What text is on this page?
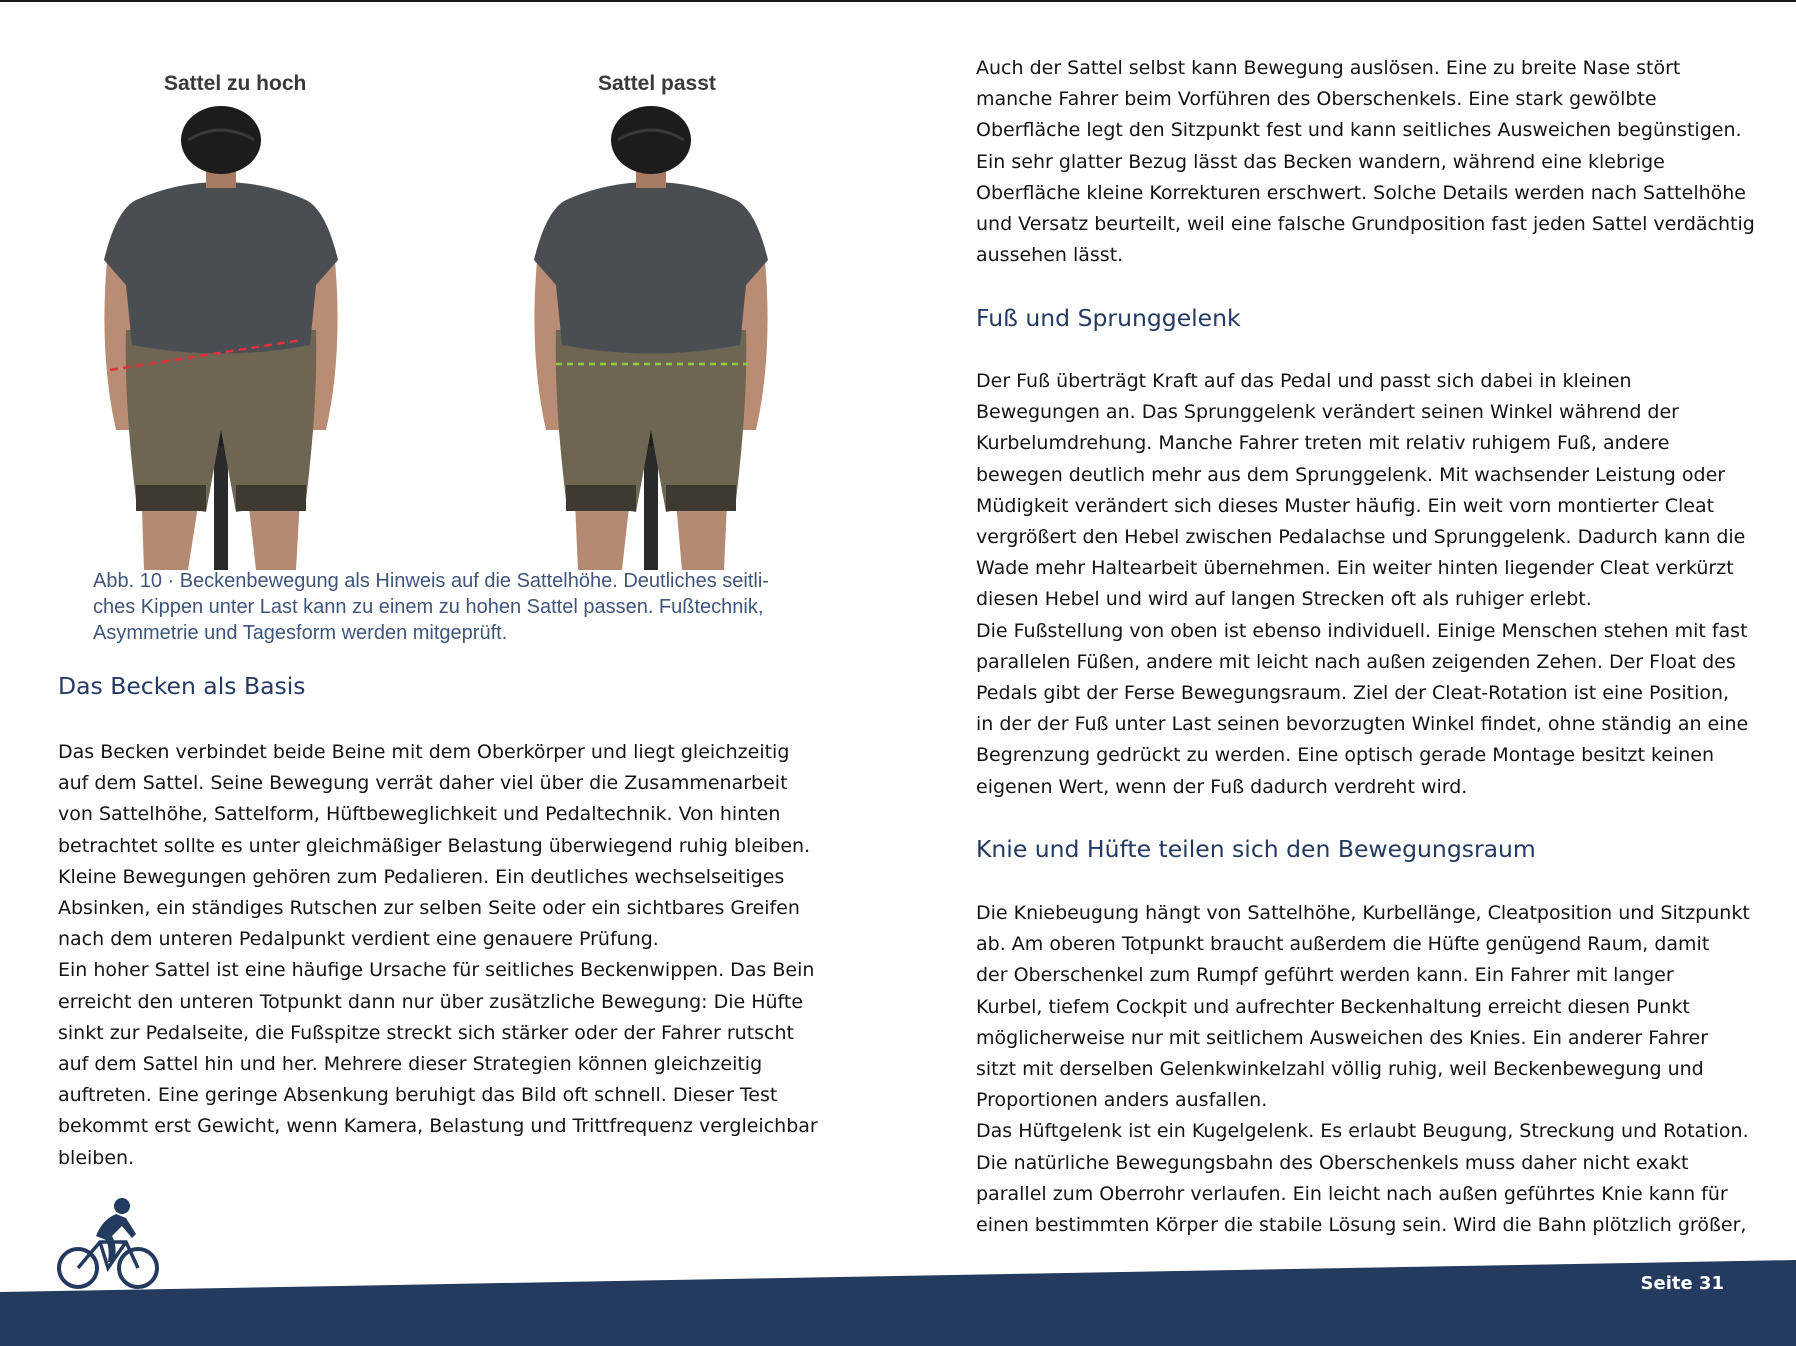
Sattel zu hoch	Sattel passt
Abb. 10 · Beckenbewegung als Hinweis auf die Sattelhöhe. Deutliches seitli-
ches Kippen unter Last kann zu einem zu hohen Sattel passen. Fußtechnik,
Asymmetrie und Tagesform werden mitgeprüft.
Das Becken als Basis
Das Becken verbindet beide Beine mit dem Oberkörper und liegt gleichzeitig
auf dem Sattel. Seine Bewegung verrät daher viel über die Zusammenarbeit
von Sattelhöhe, Sattelform, Hüftbeweglichkeit und Pedaltechnik. Von hinten
betrachtet sollte es unter gleichmäßiger Belastung überwiegend ruhig bleiben.
Kleine Bewegungen gehören zum Pedalieren. Ein deutliches wechselseitiges
Absinken, ein ständiges Rutschen zur selben Seite oder ein sichtbares Greifen
nach dem unteren Pedalpunkt verdient eine genauere Prüfung.
Ein hoher Sattel ist eine häufige Ursache für seitliches Beckenwippen. Das Bein
erreicht den unteren Totpunkt dann nur über zusätzliche Bewegung: Die Hüfte
sinkt zur Pedalseite, die Fußspitze streckt sich stärker oder der Fahrer rutscht
auf dem Sattel hin und her. Mehrere dieser Strategien können gleichzeitig
auftreten. Eine geringe Absenkung beruhigt das Bild oft schnell. Dieser Test
bekommt erst Gewicht, wenn Kamera, Belastung und Trittfrequenz vergleichbar
bleiben.
Auch der Sattel selbst kann Bewegung auslösen. Eine zu breite Nase stört
manche Fahrer beim Vorführen des Oberschenkels. Eine stark gewölbte
Oberfläche legt den Sitzpunkt fest und kann seitliches Ausweichen begünstigen.
Ein sehr glatter Bezug lässt das Becken wandern, während eine klebrige
Oberfläche kleine Korrekturen erschwert. Solche Details werden nach Sattelhöhe
und Versatz beurteilt, weil eine falsche Grundposition fast jeden Sattel verdächtig
aussehen lässt.
Fuß und Sprunggelenk
Der Fuß überträgt Kraft auf das Pedal und passt sich dabei in kleinen
Bewegungen an. Das Sprunggelenk verändert seinen Winkel während der
Kurbelumdrehung. Manche Fahrer treten mit relativ ruhigem Fuß, andere
bewegen deutlich mehr aus dem Sprunggelenk. Mit wachsender Leistung oder
Müdigkeit verändert sich dieses Muster häufig. Ein weit vorn montierter Cleat
vergrößert den Hebel zwischen Pedalachse und Sprunggelenk. Dadurch kann die
Wade mehr Haltearbeit übernehmen. Ein weiter hinten liegender Cleat verkürzt
diesen Hebel und wird auf langen Strecken oft als ruhiger erlebt.
Die Fußstellung von oben ist ebenso individuell. Einige Menschen stehen mit fast
parallelen Füßen, andere mit leicht nach außen zeigenden Zehen. Der Float des
Pedals gibt der Ferse Bewegungsraum. Ziel der Cleat-Rotation ist eine Position,
in der der Fuß unter Last seinen bevorzugten Winkel findet, ohne ständig an eine
Begrenzung gedrückt zu werden. Eine optisch gerade Montage besitzt keinen
eigenen Wert, wenn der Fuß dadurch verdreht wird.
Knie und Hüfte teilen sich den Bewegungsraum
Die Kniebeugung hängt von Sattelhöhe, Kurbellänge, Cleatposition und Sitzpunkt
ab. Am oberen Totpunkt braucht außerdem die Hüfte genügend Raum, damit
der Oberschenkel zum Rumpf geführt werden kann. Ein Fahrer mit langer
Kurbel, tiefem Cockpit und aufrechter Beckenhaltung erreicht diesen Punkt
möglicherweise nur mit seitlichem Ausweichen des Knies. Ein anderer Fahrer
sitzt mit derselben Gelenkwinkelzahl völlig ruhig, weil Beckenbewegung und
Proportionen anders ausfallen.
Das Hüftgelenk ist ein Kugelgelenk. Es erlaubt Beugung, Streckung und Rotation.
Die natürliche Bewegungsbahn des Oberschenkels muss daher nicht exakt
parallel zum Oberrohr verlaufen. Ein leicht nach außen geführtes Knie kann für
einen bestimmten Körper die stabile Lösung sein. Wird die Bahn plötzlich größer,
Seite 31
